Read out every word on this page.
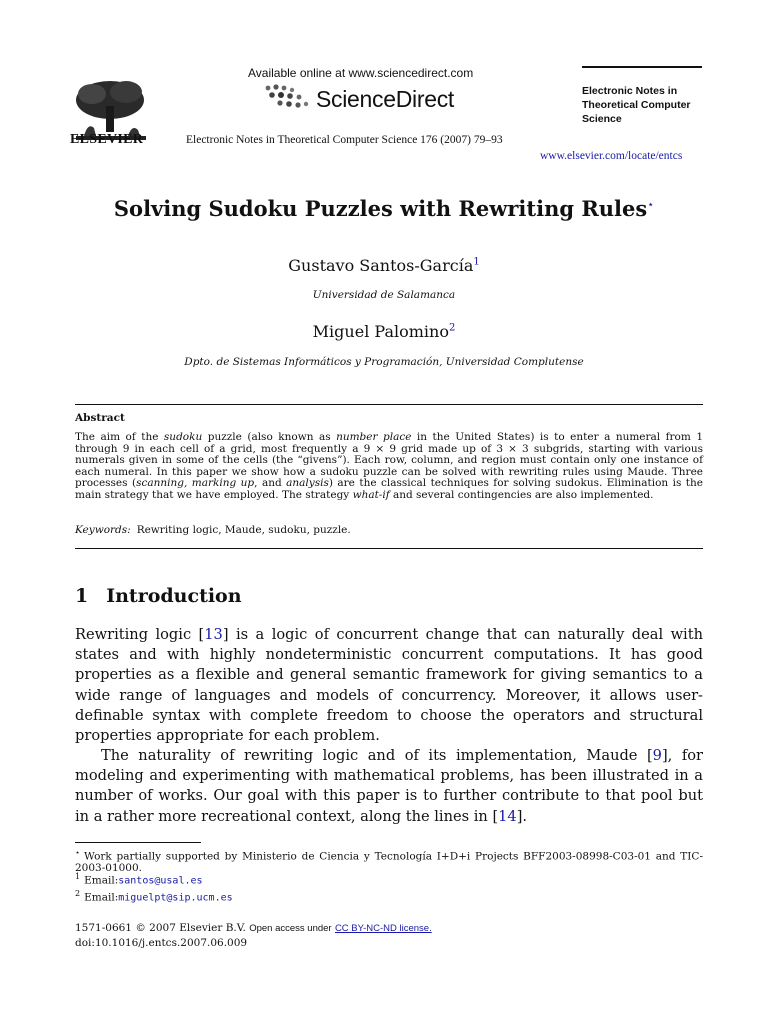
ELSEVIER
Available online at www.sciencedirect.com
ScienceDirect
Electronic Notes in Theoretical Computer Science 176 (2007) 79–93
Electronic Notes in
Theoretical Computer
Science
www.elsevier.com/locate/entcs
Solving Sudoku Puzzles with Rewriting Rules⋆
Gustavo Santos-García$^1$
Universidad de Salamanca
Miguel Palomino$^2$
Dpto. de Sistemas Informáticos y Programación, Universidad Complutense
Abstract
The aim of the sudoku puzzle (also known as number place in the United States) is to enter a numeral from 1 through 9 in each cell of a grid, most frequently a 9 × 9 grid made up of 3 × 3 subgrids, starting with various numerals given in some of the cells (the “givens”). Each row, column, and region must contain only one instance of each numeral. In this paper we show how a sudoku puzzle can be solved with rewriting rules using Maude. Three processes (scanning, marking up, and analysis) are the classical techniques for solving sudokus. Elimination is the main strategy that we have employed. The strategy what-if and several contingencies are also implemented.
Keywords: Rewriting logic, Maude, sudoku, puzzle.
1 Introduction
Rewriting logic [13] is a logic of concurrent change that can naturally deal with states and with highly nondeterministic concurrent computations. It has good properties as a flexible and general semantic framework for giving semantics to a wide range of languages and models of concurrency. Moreover, it allows user-definable syntax with complete freedom to choose the operators and structural properties appropriate for each problem.
The naturality of rewriting logic and of its implementation, Maude [9], for modeling and experimenting with mathematical problems, has been illustrated in a number of works. Our goal with this paper is to further contribute to that pool but in a rather more recreational context, along the lines in [14].
⋆ Work partially supported by Ministerio de Ciencia y Tecnología I+D+i Projects BFF2003-08998-C03-01 and TIC-2003-01000.
$^1$ Email:santos@usal.es
$^2$ Email:miguelpt@sip.ucm.es
1571-0661 © 2007 Elsevier B.V. Open access under CC BY-NC-ND license.
doi:10.1016/j.entcs.2007.06.009
